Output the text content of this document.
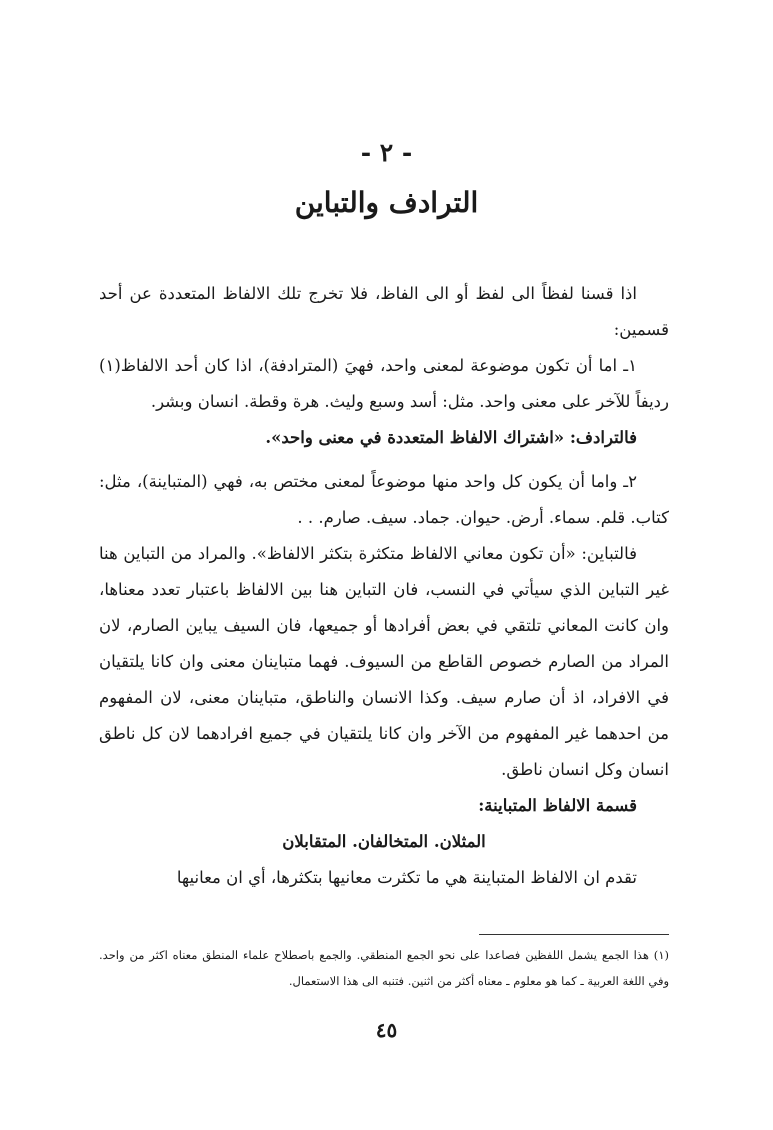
- ٢ -
الترادف والتباين

اذا قسنا لفظاً الى لفظ أو الى الفاظ، فلا تخرج تلك الالفاظ المتعددة عن أحد قسمين:

١ـ اما أن تكون موضوعة لمعنى واحد، فهيَ (المترادفة)، اذا كان أحد الالفاظ(١) رديفاً للآخر على معنى واحد. مثل: أسد وسبع وليث. هرة وقطة. انسان وبشر.

فالترادف: «اشتراك الالفاظ المتعددة في معنى واحد».

٢ـ واما أن يكون كل واحد منها موضوعاً لمعنى مختص به، فهي (المتباينة)، مثل: كتاب. قلم. سماء. أرض. حيوان. جماد. سيف. صارم. . .

فالتباين: «أن تكون معاني الالفاظ متكثرة بتكثر الالفاظ». والمراد من التباين هنا غير التباين الذي سيأتي في النسب، فان التباين هنا بين الالفاظ باعتبار تعدد معناها، وان كانت المعاني تلتقي في بعض أفرادها أو جميعها، فان السيف يباين الصارم، لان المراد من الصارم خصوص القاطع من السيوف. فهما متباينان معنى وان كانا يلتقيان في الافراد، اذ أن صارم سيف. وكذا الانسان والناطق، متباينان معنى، لان المفهوم من احدهما غير المفهوم من الآخر وان كانا يلتقيان في جميع افرادهما لان كل ناطق انسان وكل انسان ناطق.

قسمة الالفاظ المتباينة:

المثلان. المتخالفان. المتقابلان

تقدم ان الالفاظ المتباينة هي ما تكثرت معانيها بتكثرها، أي ان معانيها

(١) هذا الجمع يشمل اللفظين فصاعدا على نحو الجمع المنطقي. والجمع باصطلاح علماء المنطق معناه اكثر من واحد. وفي اللغة العربية ـ كما هو معلوم ـ معناه أكثر من اثنين. فتنبه الى هذا الاستعمال.

٤٥
